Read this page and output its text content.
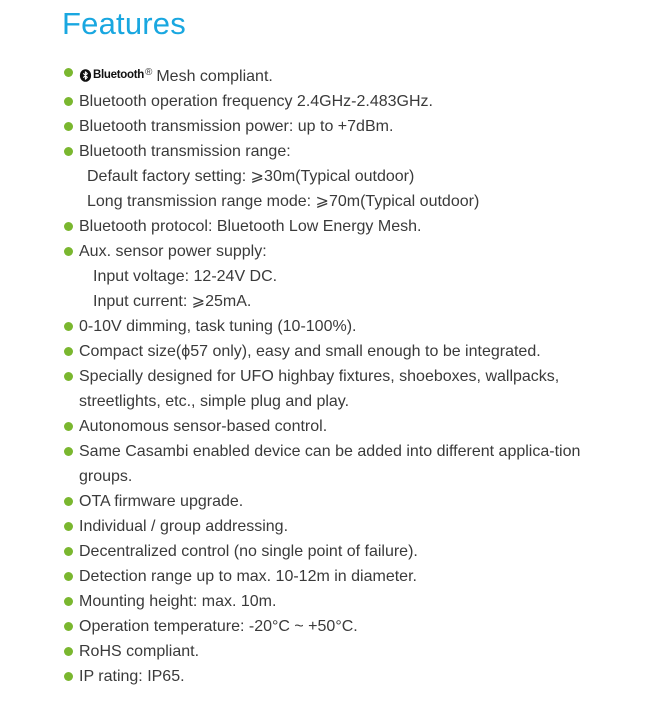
Features
Bluetooth ® Mesh compliant.
Bluetooth operation frequency 2.4GHz-2.483GHz.
Bluetooth transmission power: up to +7dBm.
Bluetooth transmission range:
Default factory setting: ⩾30m(Typical outdoor)
Long transmission range mode: ⩾70m(Typical outdoor)
Bluetooth protocol: Bluetooth Low Energy Mesh.
Aux. sensor power supply:
Input voltage: 12-24V DC.
Input current: ⩾25mA.
0-10V dimming, task tuning (10-100%).
Compact size(ϕ57 only), easy and small enough to be integrated.
Specially designed for UFO highbay fixtures, shoeboxes, wallpacks, streetlights, etc., simple plug and play.
Autonomous sensor-based control.
Same Casambi enabled device can be added into different applica-tion groups.
OTA firmware upgrade.
Individual / group addressing.
Decentralized control (no single point of failure).
Detection range up to max. 10-12m in diameter.
Mounting height: max. 10m.
Operation temperature: -20°C ~ +50°C.
RoHS compliant.
IP rating: IP65.
